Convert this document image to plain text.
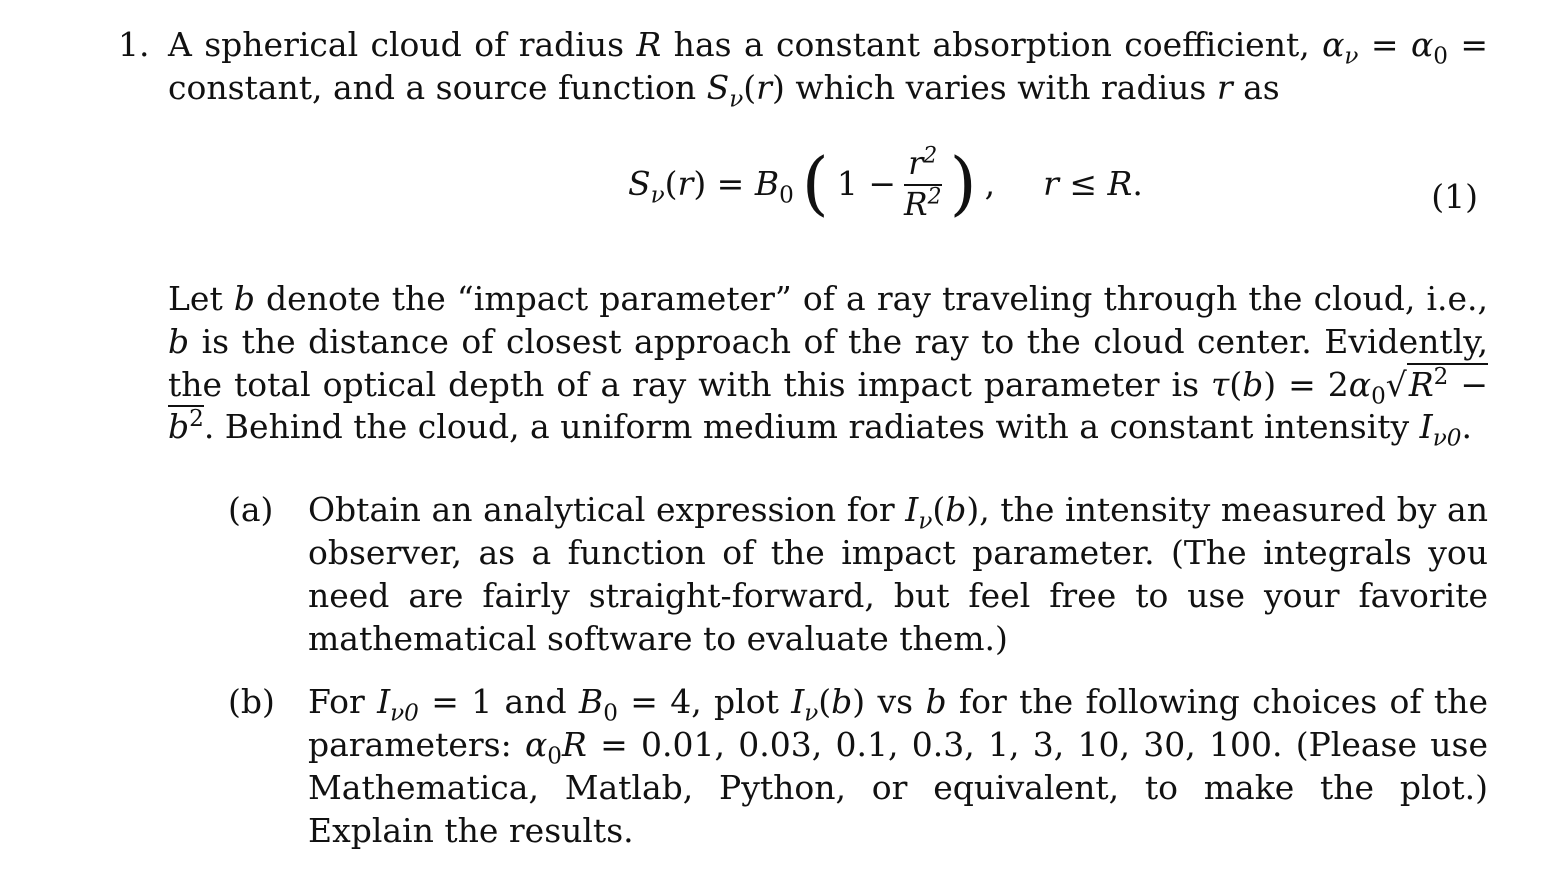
1. A spherical cloud of radius R has a constant absorption coefficient, $\alpha_\nu = \alpha_0$ = constant, and a source function $S_\nu(r)$ which varies with radius r as
$S_\nu(r) = B_0$ ( $1 - \frac{r^2}{R^2}$ ) , r ≤ R.	(1)
Let b denote the “impact parameter” of a ray traveling through the cloud, i.e., b is the distance of closest approach of the ray to the cloud center. Evidently, the total optical depth of a ray with this impact parameter is $\tau(b) = 2\alpha_0√R^2 - b^2$. Behind the cloud, a uniform medium radiates with a constant intensity $I_{\nu 0}$.
(a) Obtain an analytical expression for $I_\nu(b)$, the intensity measured by an observer, as a function of the impact parameter. (The integrals you need are fairly straight-forward, but feel free to use your favorite mathematical software to evaluate them.)
(b) For $I_{\nu 0} = 1$ and $B_0 = 4$, plot $I_\nu(b)$ vs b for the following choices of the parameters: $\alpha_0R = 0.01$, 0.03, 0.1, 0.3, 1, 3, 10, 30, 100. (Please use Mathematica, Matlab, Python, or equivalent, to make the plot.) Explain the results.
